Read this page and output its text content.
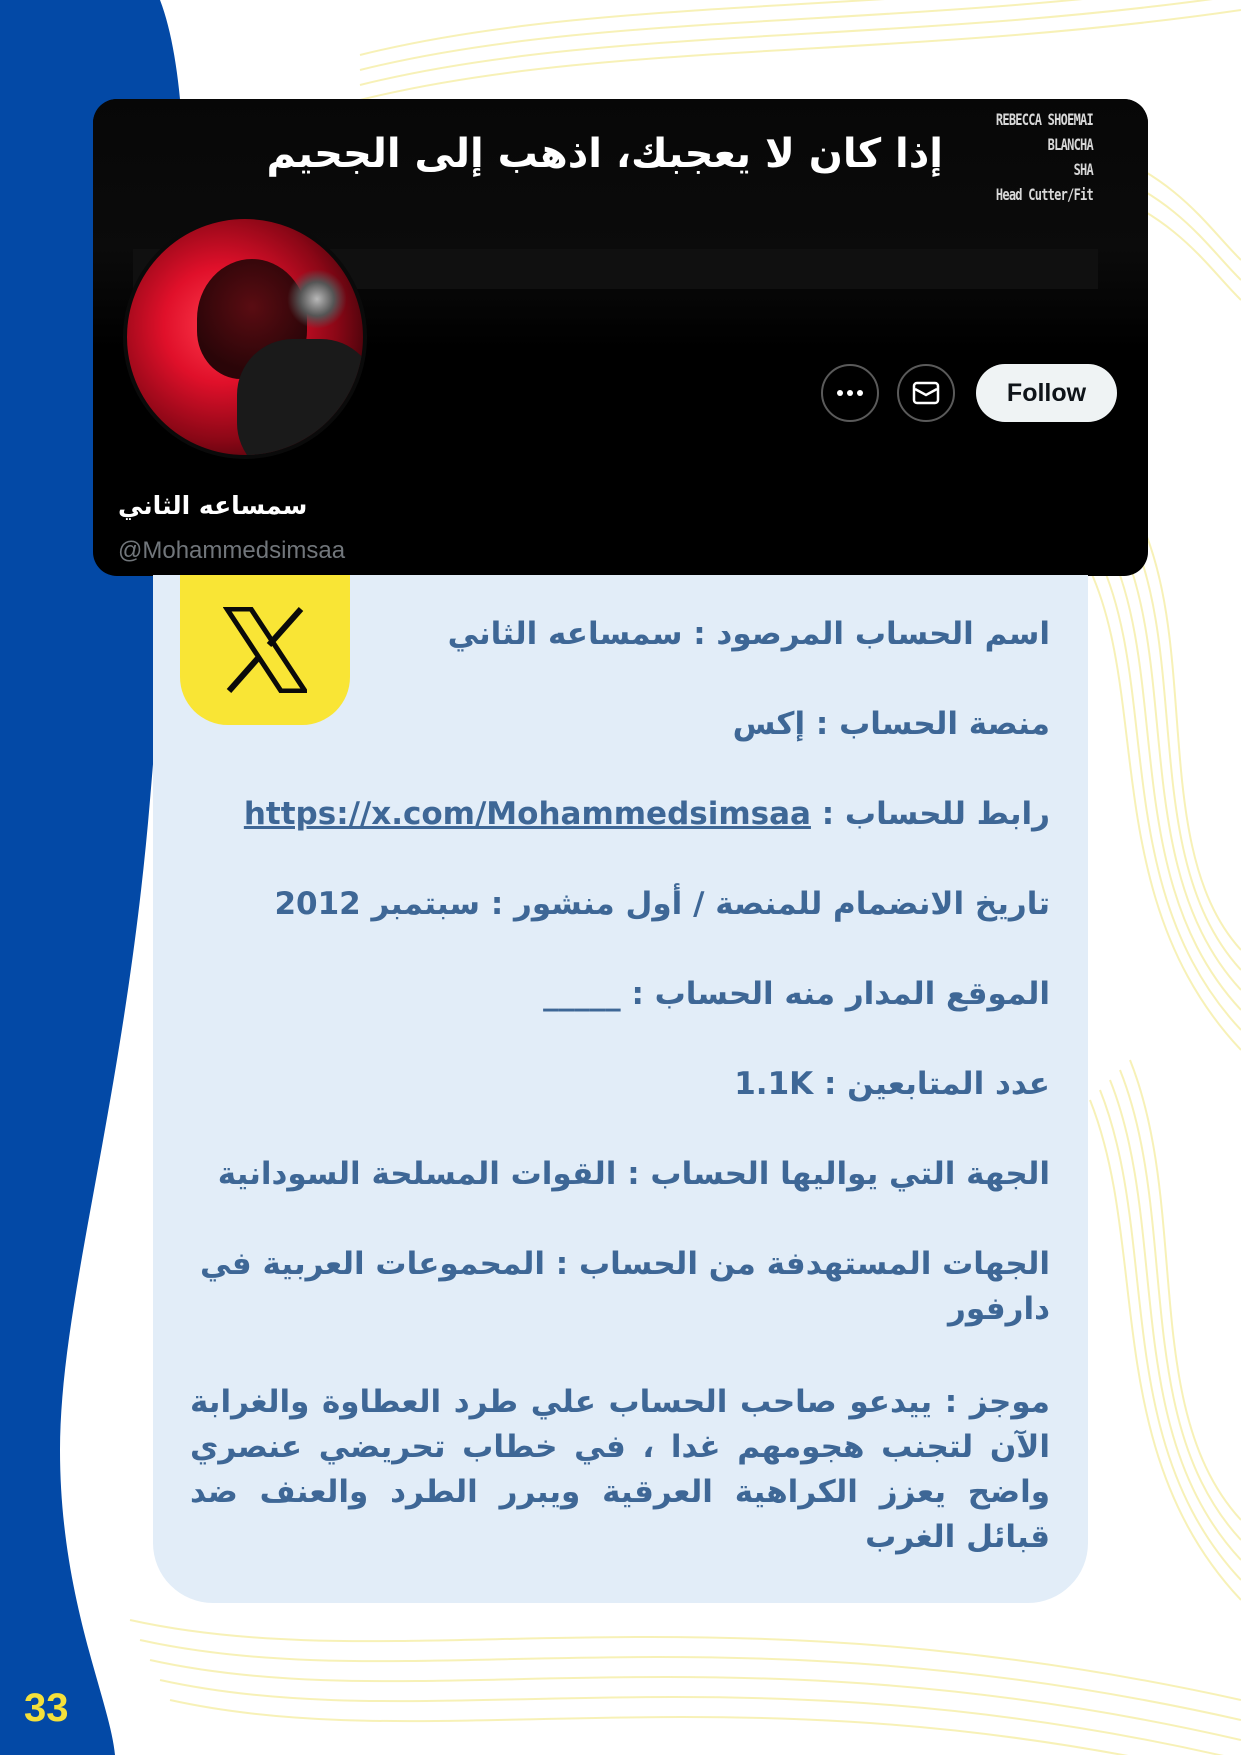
إذا كان لا يعجبك، اذهب إلى الجحيم
REBECCA SHOEMAI
BLANCHA
SHA
Head Cutter/Fit
Follow
سمساعه الثاني
@Mohammedsimsaa

اسم الحساب المرصود : سمساعه الثاني

منصة الحساب : إكس

رابط للحساب : https://x.com/Mohammedsimsaa

تاريخ الانضمام للمنصة / أول منشور : سبتمبر 2012

الموقع المدار منه الحساب : _____

عدد المتابعين : 1.1K

الجهة التي يواليها الحساب : القوات المسلحة السودانية

الجهات المستهدفة من الحساب : المحموعات العربية في دارفور

موجز : ييدعو صاحب الحساب علي طرد العطاوة والغرابة الآن لتجنب هجومهم غدا ، في خطاب تحريضي عنصري واضح يعزز الكراهية العرقية ويبرر الطرد والعنف ضد قبائل الغرب

33
